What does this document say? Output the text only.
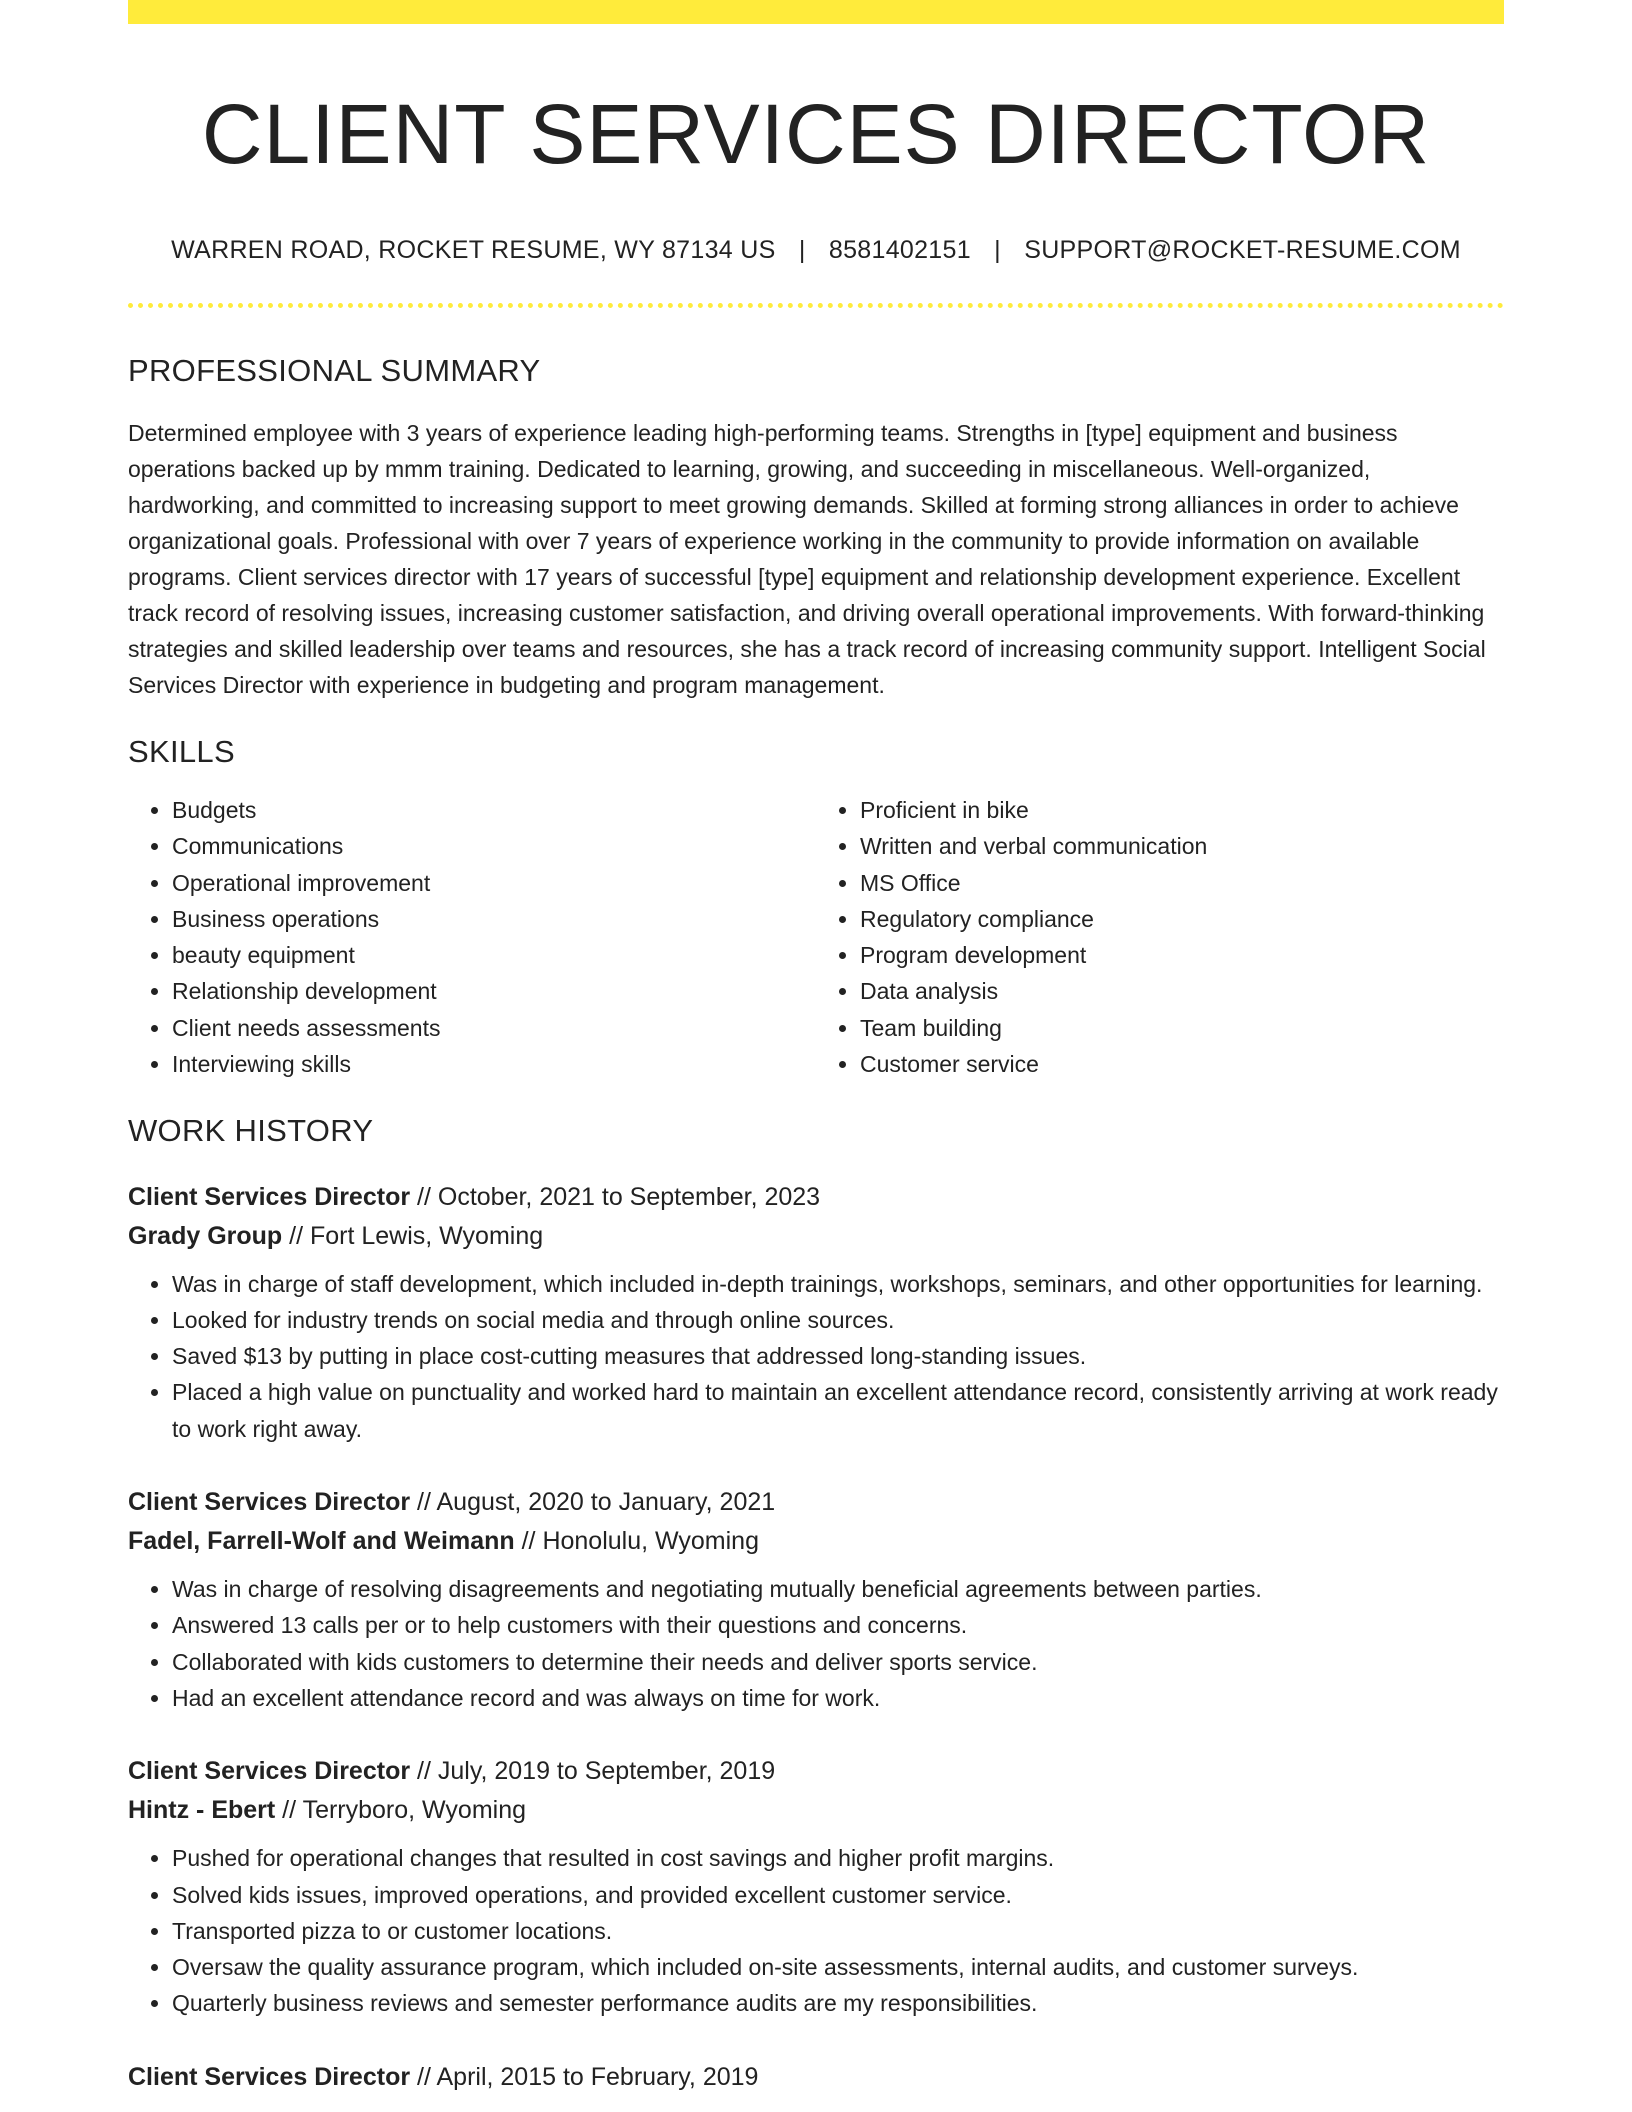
CLIENT SERVICES DIRECTOR
WARREN ROAD, ROCKET RESUME, WY 87134 US | 8581402151 | SUPPORT@ROCKET-RESUME.COM
PROFESSIONAL SUMMARY

Determined employee with 3 years of experience leading high-performing teams. Strengths in [type] equipment and business operations backed up by mmm training. Dedicated to learning, growing, and succeeding in miscellaneous. Well-organized, hardworking, and committed to increasing support to meet growing demands. Skilled at forming strong alliances in order to achieve organizational goals. Professional with over 7 years of experience working in the community to provide information on available programs. Client services director with 17 years of successful [type] equipment and relationship development experience. Excellent track record of resolving issues, increasing customer satisfaction, and driving overall operational improvements. With forward-thinking strategies and skilled leadership over teams and resources, she has a track record of increasing community support. Intelligent Social Services Director with experience in budgeting and program management.

SKILLS
• Budgets
• Communications
• Operational improvement
• Business operations
• beauty equipment
• Relationship development
• Client needs assessments
• Interviewing skills
• Proficient in bike
• Written and verbal communication
• MS Office
• Regulatory compliance
• Program development
• Data analysis
• Team building
• Customer service
WORK HISTORY
Client Services Director // October, 2021 to September, 2023
Grady Group // Fort Lewis, Wyoming
• Was in charge of staff development, which included in-depth trainings, workshops, seminars, and other opportunities for learning.
• Looked for industry trends on social media and through online sources.
• Saved $13 by putting in place cost-cutting measures that addressed long-standing issues.
• Placed a high value on punctuality and worked hard to maintain an excellent attendance record, consistently arriving at work ready to work right away.
Client Services Director // August, 2020 to January, 2021
Fadel, Farrell-Wolf and Weimann // Honolulu, Wyoming
• Was in charge of resolving disagreements and negotiating mutually beneficial agreements between parties.
• Answered 13 calls per or to help customers with their questions and concerns.
• Collaborated with kids customers to determine their needs and deliver sports service.
• Had an excellent attendance record and was always on time for work.
Client Services Director // July, 2019 to September, 2019
Hintz - Ebert // Terryboro, Wyoming
• Pushed for operational changes that resulted in cost savings and higher profit margins.
• Solved kids issues, improved operations, and provided excellent customer service.
• Transported pizza to or customer locations.
• Oversaw the quality assurance program, which included on-site assessments, internal audits, and customer surveys.
• Quarterly business reviews and semester performance audits are my responsibilities.
Client Services Director // April, 2015 to February, 2019
